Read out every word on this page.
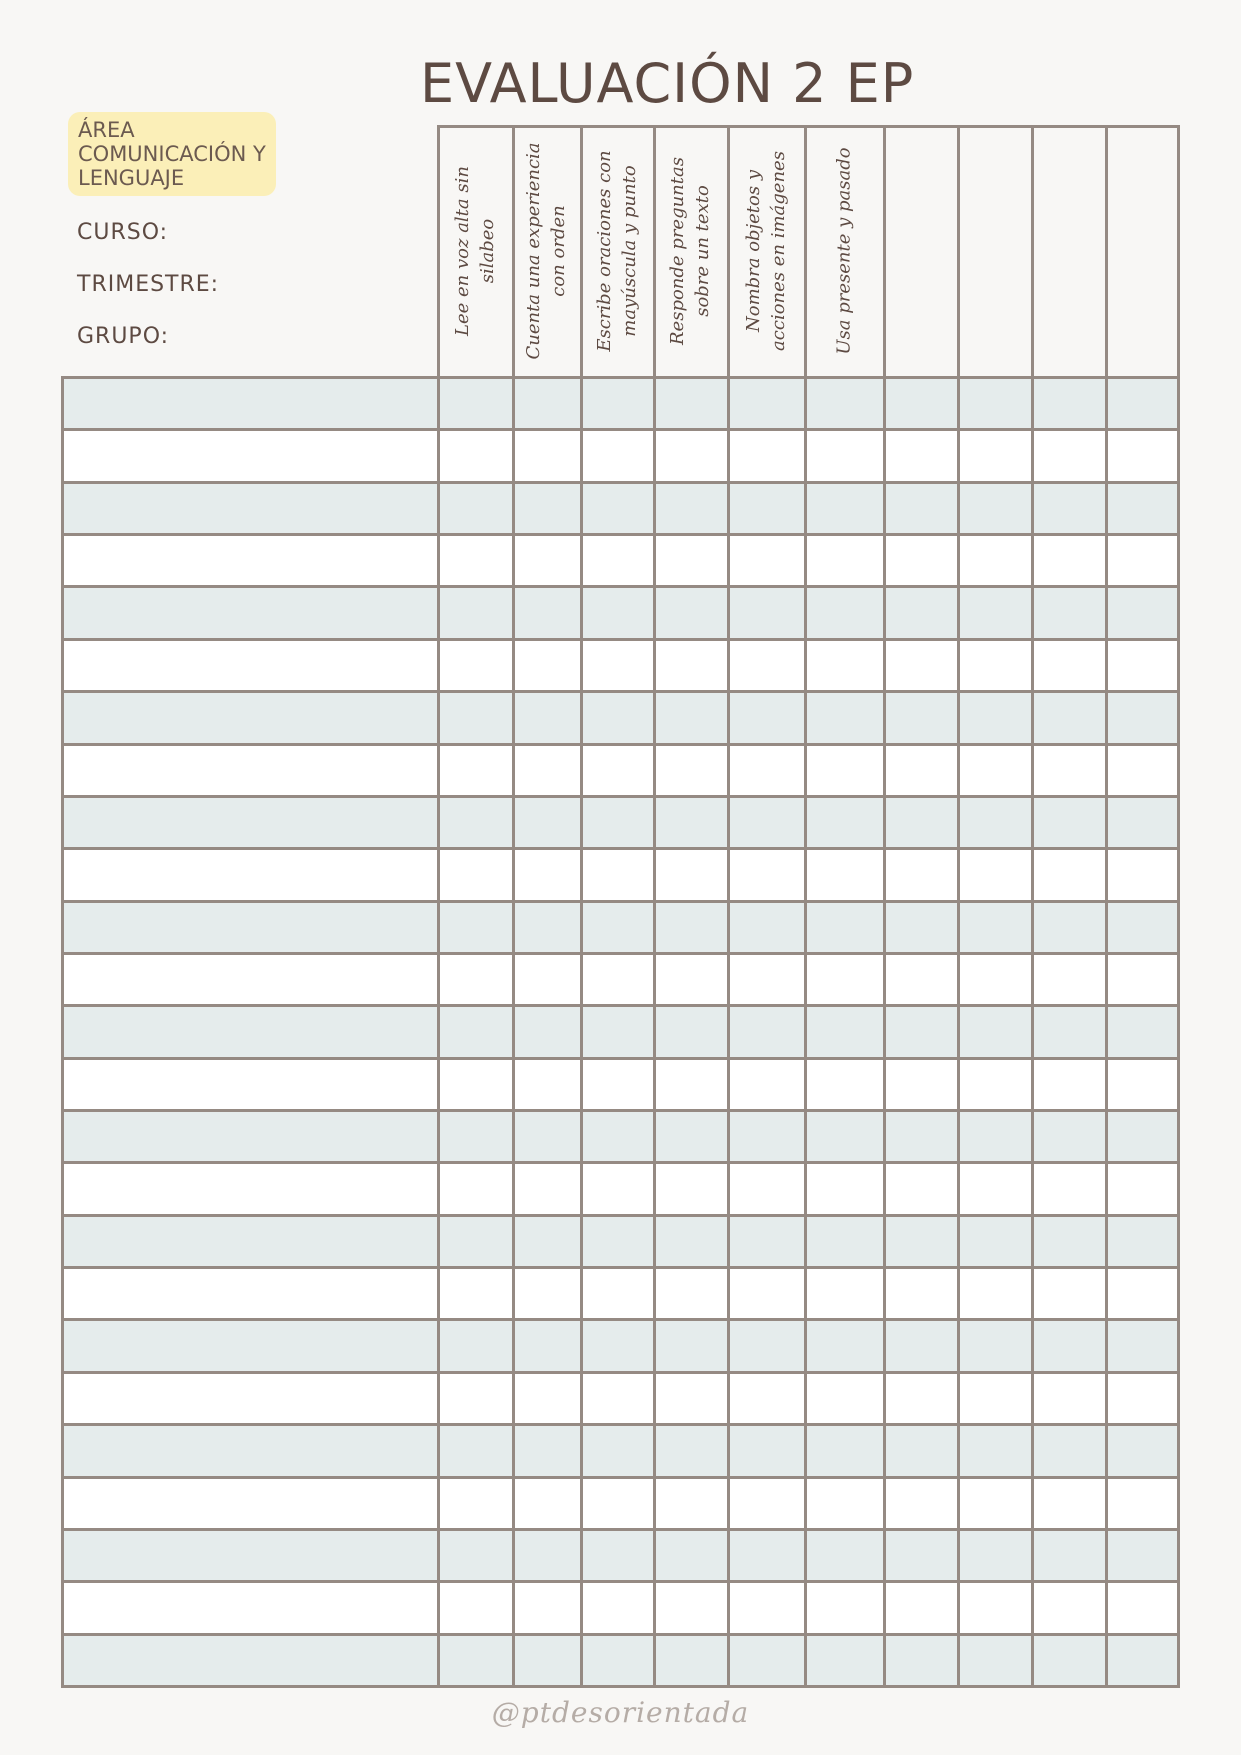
EVALUACIÓN 2 EP
ÁREA
COMUNICACIÓN Y
LENGUAJE
CURSO:
TRIMESTRE:
GRUPO:
Lee en voz alta sin silabeo Cuenta una experiencia con orden Escribe oraciones con mayúscula y punto Responde preguntas sobre un texto Nombra objetos y acciones en imágenes Usa presente y pasado
@ptdesorientada
